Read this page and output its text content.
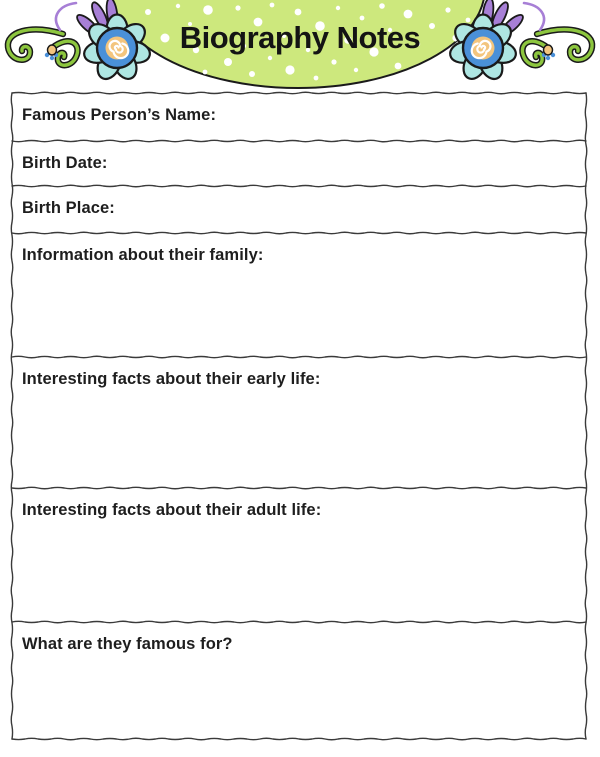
Biography Notes
Famous Person’s Name:
Birth Date:
Birth Place:
Information about their family:
Interesting facts about their early life:
Interesting facts about their adult life:
What are they famous for?
